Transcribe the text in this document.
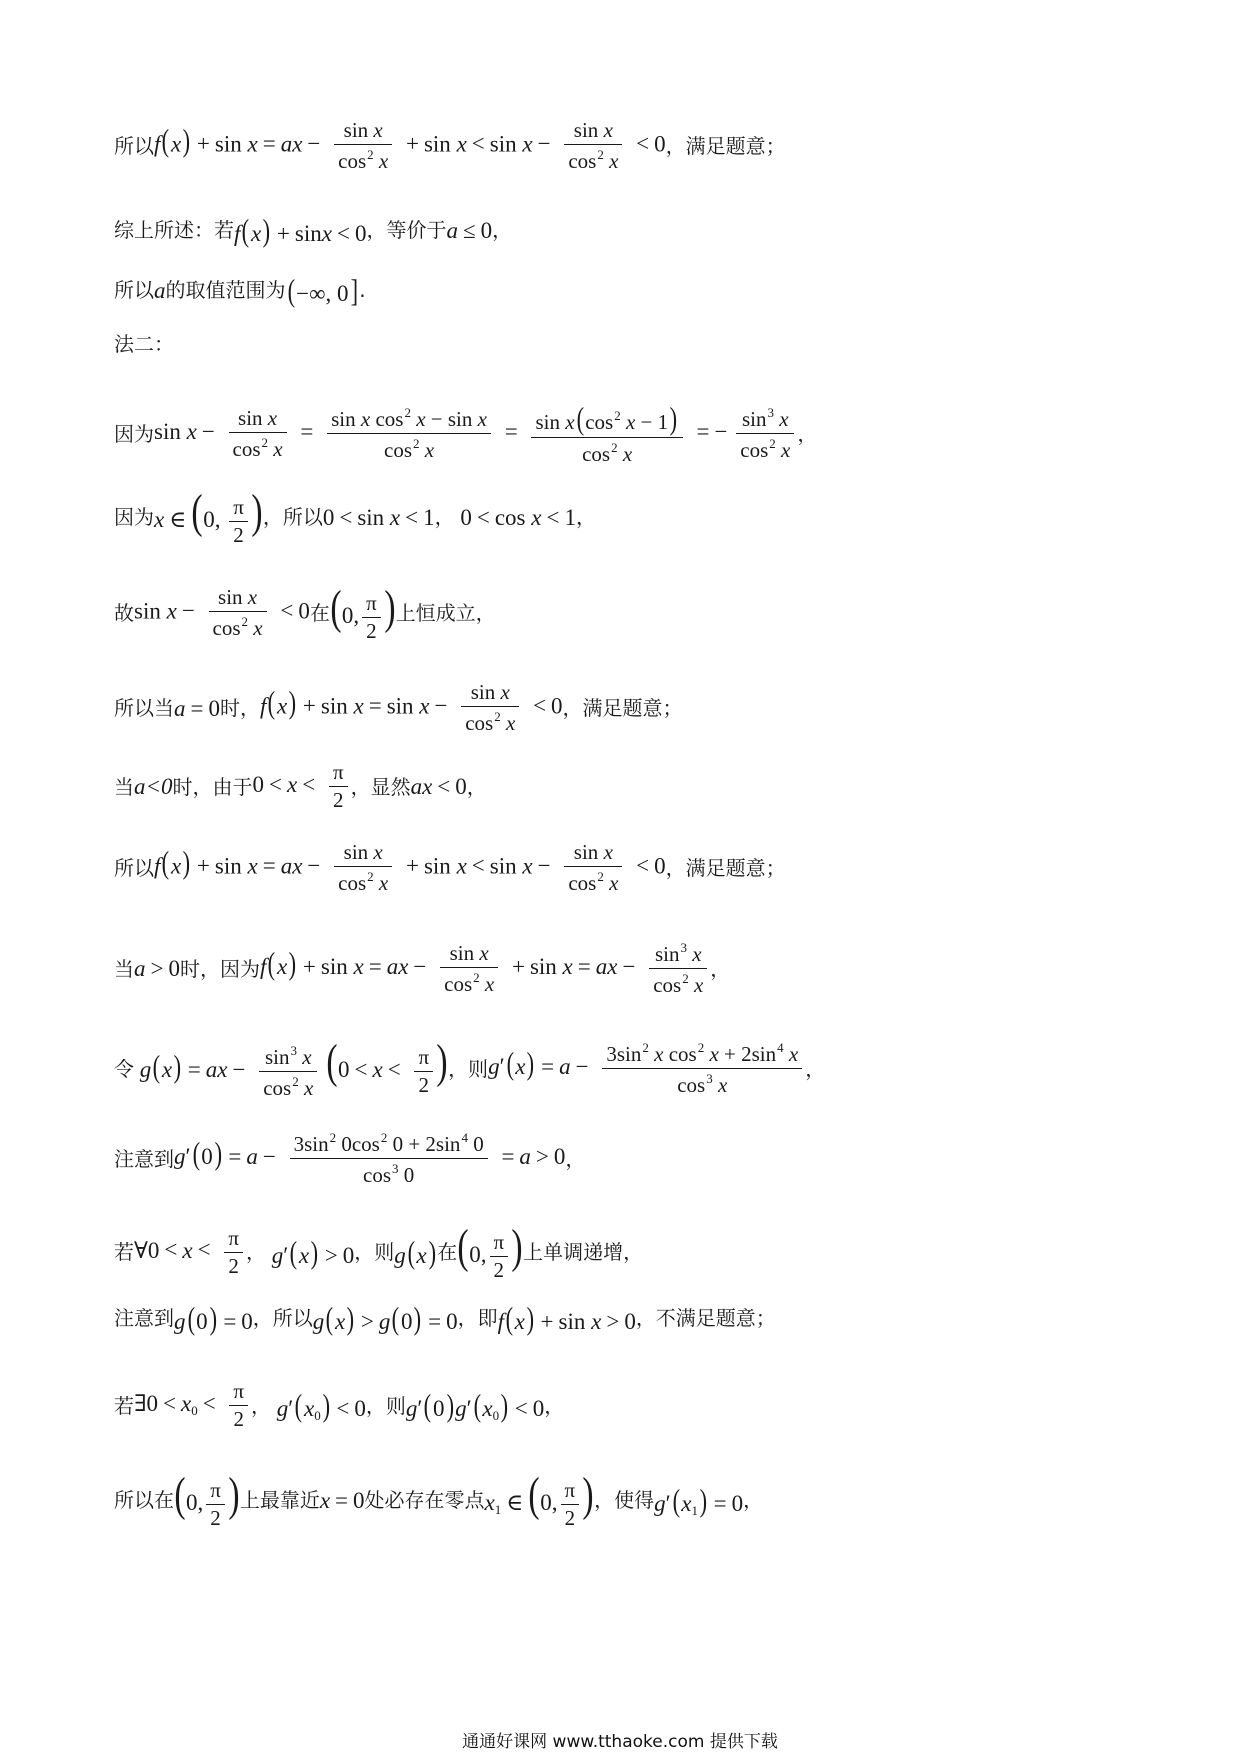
所以 f(x) + sin x = ax − $\frac{\text{sin x}}{\cos^2 x} + \sin x < \sin x - \frac{\text{sin x}}{\cos^2 x} < 0$ ，满足题意；
综上所述：若 f(x) + sinx < 0 ，等价于 a ≤ 0 ，
所以 a 的取值范围为 (−∞, 0] .
法二：
因为 $\sin x - \frac{\text{sin x}}{\cos^2 x} = \frac{\sin x \cos^2 x - \sin x}{\cos^2 x} = \frac{\sin x(\cos^2 x - 1)}{\cos^2 x}$ = − $\frac{\sin^3 x}{\cos^2 x}$ ，
因为 x ∈ (0, $\frac{\pi}{2}$ ) ，所以 0 < sin x < 1 ， 0 < cos x < 1 ，
故 $\sin x - \frac{\text{sin x}}{\cos^2 x} < 0$ 在 (0, $\frac{\pi}{2}$ ) 上恒成立，
所以当 a = 0 时， $f(x) + \sin x = \sin x - \frac{\text{sin x}}{\cos^2 x} < 0$ ，满足题意；
当 a<0 时，由于 $0 < x < \frac{\pi}{2}$ ，显然 ax < 0 ，
所以 f(x) + sin x = ax − $\frac{\text{sin x}}{\cos^2 x} + \sin x < \sin x - \frac{\text{sin x}}{\cos^2 x} < 0$ ，满足题意；
当 a > 0 时，因为 f(x) + sin x = ax − $\frac{\text{sin x}}{\cos^2 x} + \sin x$ = ax − $\frac{\sin^3 x}{\cos^2 x}$ ，
令 g(x) = ax − $\frac{\sin^3 x}{\cos^2 x} (0 < x < \frac{\pi}{2}$ ) ，则 $g'(x) = a - \frac{3\sin^2 x \cos^2 x + 2\sin^4 x}{\cos^3 x}$ ，
注意到 $g'(0) = a - \frac{3\sin^2 0\cos^2 0 + 2\sin^4 0}{\cos^3 0} = a > 0$ ，
若 ∀0 < $x < \frac{\pi}{2}$ ， g′(x) > 0 ，则 g(x) 在 (0, $\frac{\pi}{2}$ ) 上单调递增，
注意到 g(0) = 0 ，所以 g(x) > g(0) = 0 ，即 f(x) + sin x > 0 ，不满足题意；
若 ∃0 < $x_0 < \frac{\pi}{2}$ ， $g'(x_0) < 0$ ，则 $g'(0)g'(x_0) < 0$ ，
所以在 (0, $\frac{\pi}{2}$ ) 上最靠近 x = 0 处必存在零点 $x_1$ ∈ (0, $\frac{\pi}{2}$ ) ，使得 $g'(x_1) = 0$ ，
通通好课网 www.tthaoke.com 提供下载
